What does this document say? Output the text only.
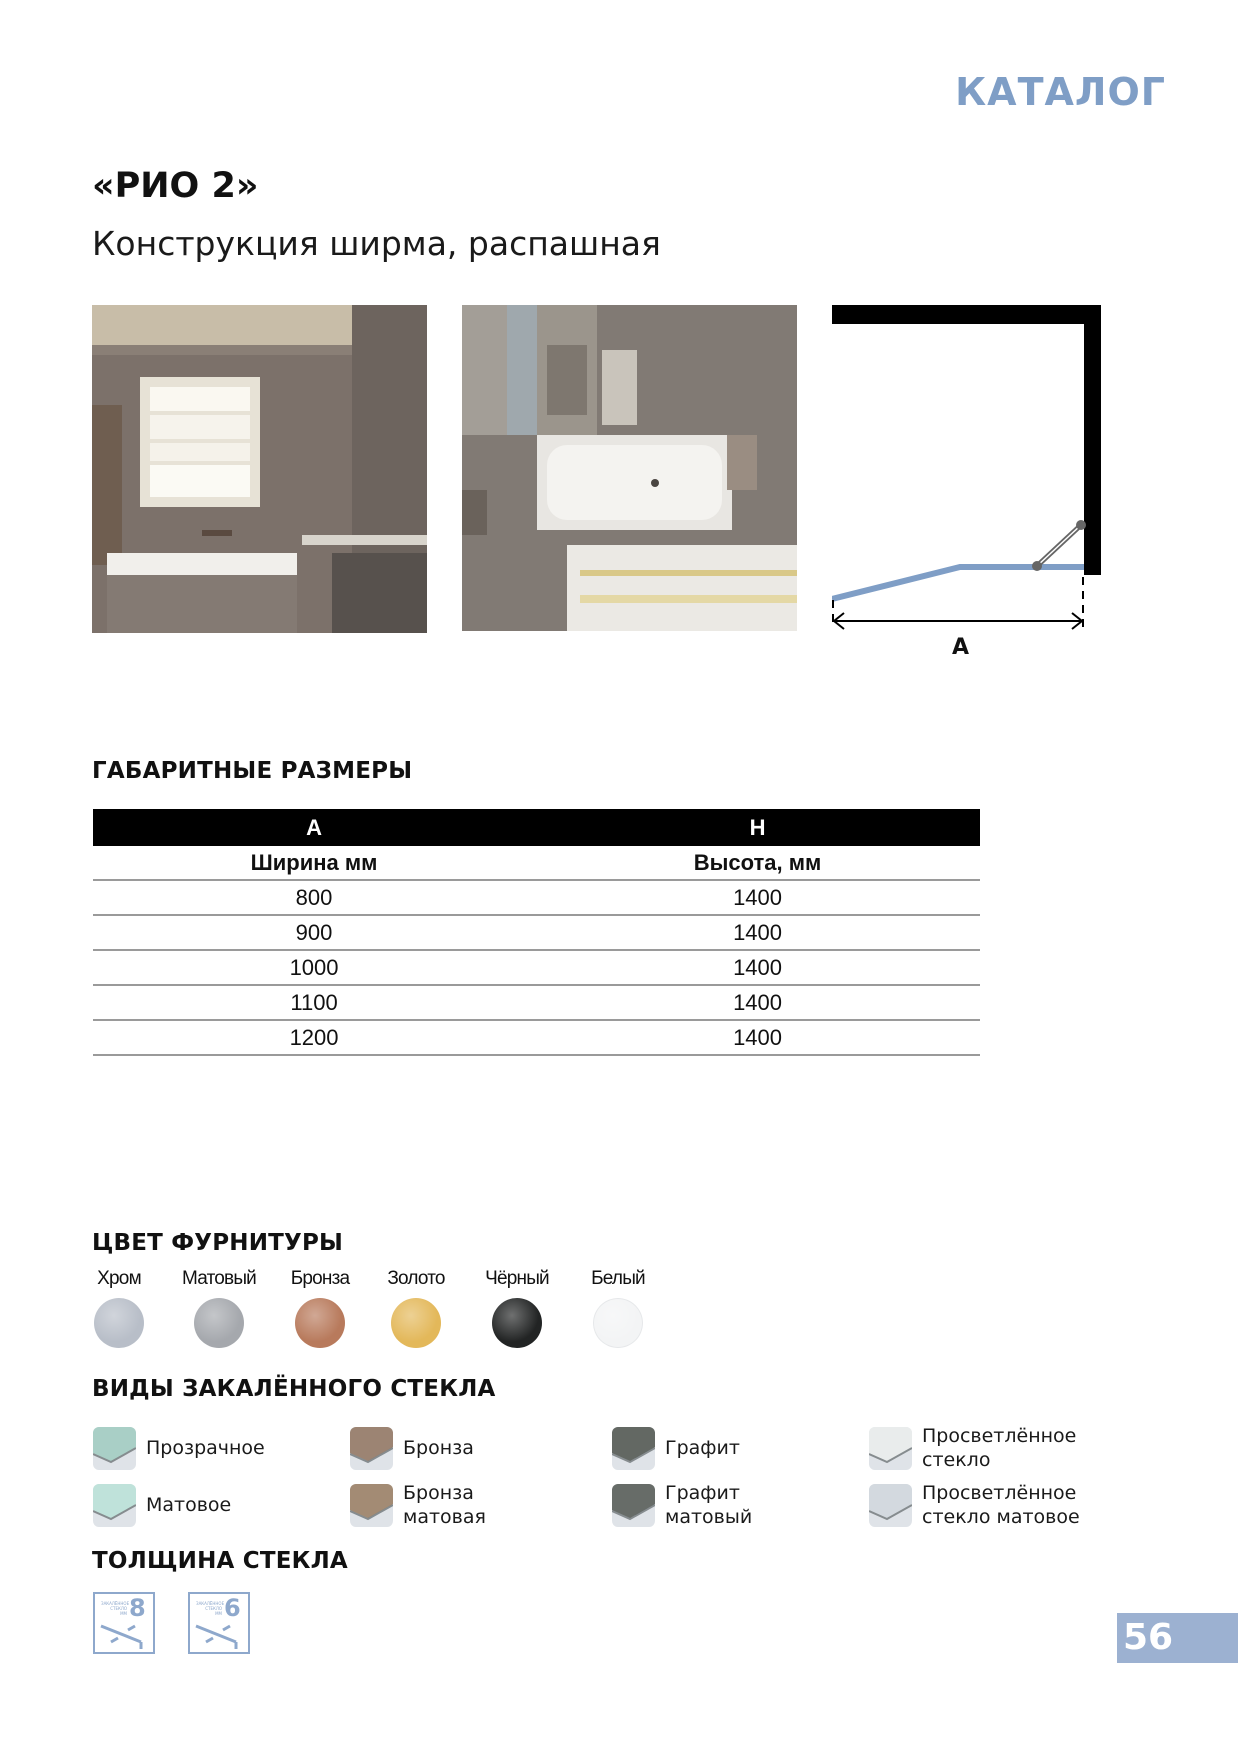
КАТАЛОГ
«РИО 2»
Конструкция ширма, распашная
A
ГАБАРИТНЫЕ РАЗМЕРЫ
A	H
Ширина мм	Высота, мм
800	1400
900	1400
1000	1400
1100	1400
1200	1400
ЦВЕТ ФУРНИТУРЫ
Хром	Матовый	Бронза	Золото	Чёрный	Белый
ВИДЫ ЗАКАЛЁННОГО СТЕКЛА
Прозрачное	Бронза	Графит
Просветлённое
стекло
Матовое
Бронза
матовая
Графит
матовый
Просветлённое
стекло матовое
ТОЛЩИНА СТЕКЛА
ЗАКАЛЁННОЕ
СТЕКЛО
ММ 8	ЗАКАЛЁННОЕ
СТЕКЛО
ММ 6
56
